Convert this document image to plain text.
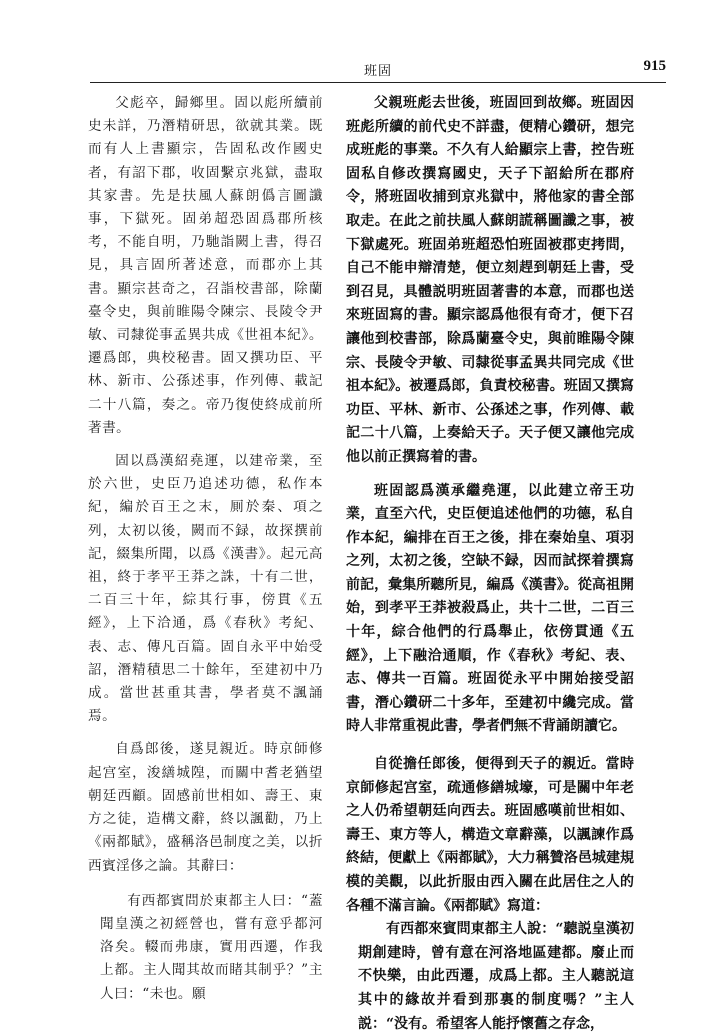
班固	915

父彪卒，歸鄉里。固以彪所續前史未詳，乃潛精研思，欲就其業。既而有人上書顯宗，告固私改作國史者，有詔下郡，收固繫京兆獄，盡取其家書。先是扶風人蘇朗僞言圖讖事，下獄死。固弟超恐固爲郡所核考，不能自明，乃馳詣闕上書，得召見，具言固所著述意，而郡亦上其書。顯宗甚奇之，召詣校書部，除蘭臺令史，與前睢陽令陳宗、長陵令尹敏、司隸從事孟異共成《世祖本紀》。遷爲郎，典校秘書。固又撰功臣、平林、新市、公孫述事，作列傳、載記二十八篇，奏之。帝乃復使終成前所著書。

固以爲漢紹堯運，以建帝業，至於六世，史臣乃追述功德，私作本紀，編於百王之末，厠於秦、項之列，太初以後，闕而不録，故探撰前記，綴集所聞，以爲《漢書》。起元高祖，終于孝平王莽之誅，十有二世，二百三十年，綜其行事，傍貫《五經》，上下洽通，爲《春秋》考紀、表、志、傳凡百篇。固自永平中始受詔，潛精積思二十餘年，至建初中乃成。當世甚重其書，學者莫不諷誦焉。

自爲郎後，遂見親近。時京師修起宫室，浚繕城隍，而關中耆老猶望朝廷西顧。固感前世相如、壽王、東方之徒，造構文辭，終以諷勸，乃上《兩都賦》，盛稱洛邑制度之美，以折西賓淫侈之論。其辭曰：

有西都賓問於東都主人曰：“蓋聞皇漢之初經營也，嘗有意乎都河洛矣。輟而弗康，實用西遷，作我上都。主人聞其故而睹其制乎？”主人曰：“未也。願

父親班彪去世後，班固回到故鄉。班固因班彪所續的前代史不詳盡，便精心鑽研，想完成班彪的事業。不久有人給顯宗上書，控告班固私自修改撰寫國史，天子下詔給所在郡府令，將班固收捕到京兆獄中，將他家的書全部取走。在此之前扶風人蘇朗謊稱圖讖之事，被下獄處死。班固弟班超恐怕班固被郡吏拷問，自己不能申辯清楚，便立刻趕到朝廷上書，受到召見，具體説明班固著書的本意，而郡也送來班固寫的書。顯宗認爲他很有奇才，便下召讓他到校書部，除爲蘭臺令史，與前睢陽令陳宗、長陵令尹敏、司隸從事孟異共同完成《世祖本紀》。被遷爲郎，負責校秘書。班固又撰寫功臣、平林、新市、公孫述之事，作列傳、載記二十八篇，上奏給天子。天子便又讓他完成他以前正撰寫着的書。

班固認爲漢承繼堯運，以此建立帝王功業，直至六代，史臣便追述他們的功德，私自作本紀，編排在百王之後，排在秦始皇、項羽之列，太初之後，空缺不録，因而試探着撰寫前記，彙集所聽所見，編爲《漢書》。從高祖開始，到孝平王莽被殺爲止，共十二世，二百三十年，綜合他們的行爲舉止，依傍貫通《五經》，上下融洽通順，作《春秋》考紀、表、志、傳共一百篇。班固從永平中開始接受詔書，潛心鑽研二十多年，至建初中纔完成。當時人非常重視此書，學者們無不背誦朗讀它。

自從擔任郎後，便得到天子的親近。當時京師修起宫室，疏通修繕城壕，可是關中年老之人仍希望朝廷向西去。班固感嘆前世相如、壽王、東方等人，構造文章辭藻，以諷諫作爲終結，便獻上《兩都賦》，大力稱贊洛邑城建規模的美觀，以此折服由西入關在此居住之人的各種不滿言論。《兩都賦》寫道：

有西都來賓問東都主人說：“聽説皇漢初期創建時，曾有意在河洛地區建都。廢止而不快樂，由此西遷，成爲上都。主人聽説這其中的緣故并看到那裏的制度嗎？”主人説：“没有。希望客人能抒懷舊之存念，
